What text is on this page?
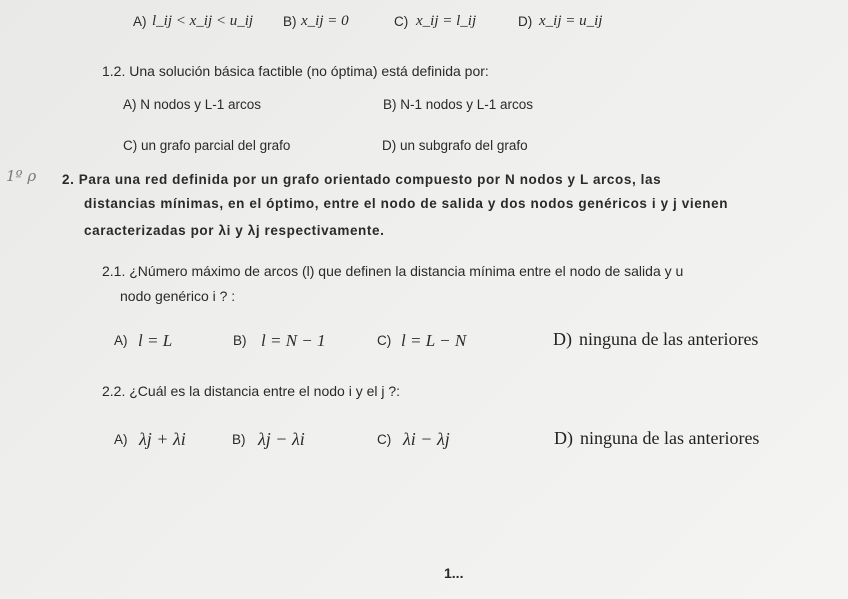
A) l_ij < x_ij < u_ij B) x_ij = 0	C) x_ij = l_ij	D) x_ij = u_ij
1.2. Una solución básica factible (no óptima) está definida por:
A) N nodos y L-1 arcos	B) N-1 nodos y L-1 arcos
C) un grafo parcial del grafo	D) un subgrafo del grafo
1º ρ 2. Para una red definida por un grafo orientado compuesto por N nodos y L arcos, las
distancias mínimas, en el óptimo, entre el nodo de salida y dos nodos genéricos i y j vienen
caracterizadas por λi y λj respectivamente.
2.1. ¿Número máximo de arcos (l) que definen la distancia mínima entre el nodo de salida y u
nodo genérico i ? :
A) l = L	B) l = N − 1	C) l = L − N	D) ninguna de las anteriores
2.2. ¿Cuál es la distancia entre el nodo i y el j ?:
A) λj + λi	B) λj − λi	C) λi − λj	D) ninguna de las anteriores
1...
